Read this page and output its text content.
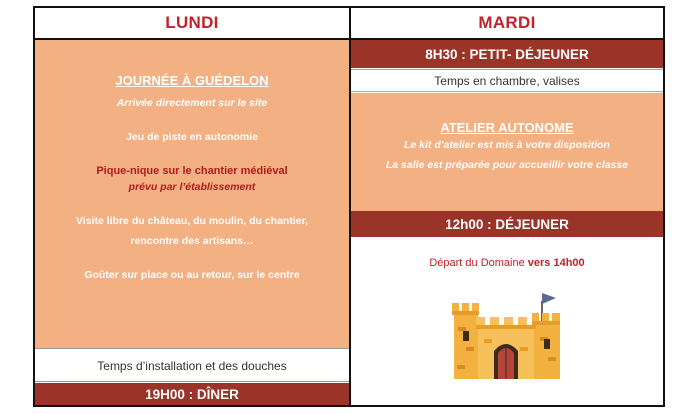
LUNDI	MARDI
JOURNÉE À GUÉDELON
Arrivée directement sur le site
Jeu de piste en autonomie
Pique-nique sur le chantier médiéval
prévu par l’établissement
Visite libre du château, du moulin, du chantier,
rencontre des artisans…
Goûter sur place ou au retour, sur le centre
Temps d’installation et des douches
19H00 : DÎNER
8H30 : PETIT- DÉJEUNER
Temps en chambre, valises
ATELIER AUTONOME
Le kit d’atelier est mis à votre disposition
La salle est préparée pour accueillir votre classe
12h00 : DÉJEUNER
Départ du Domaine vers 14h00
